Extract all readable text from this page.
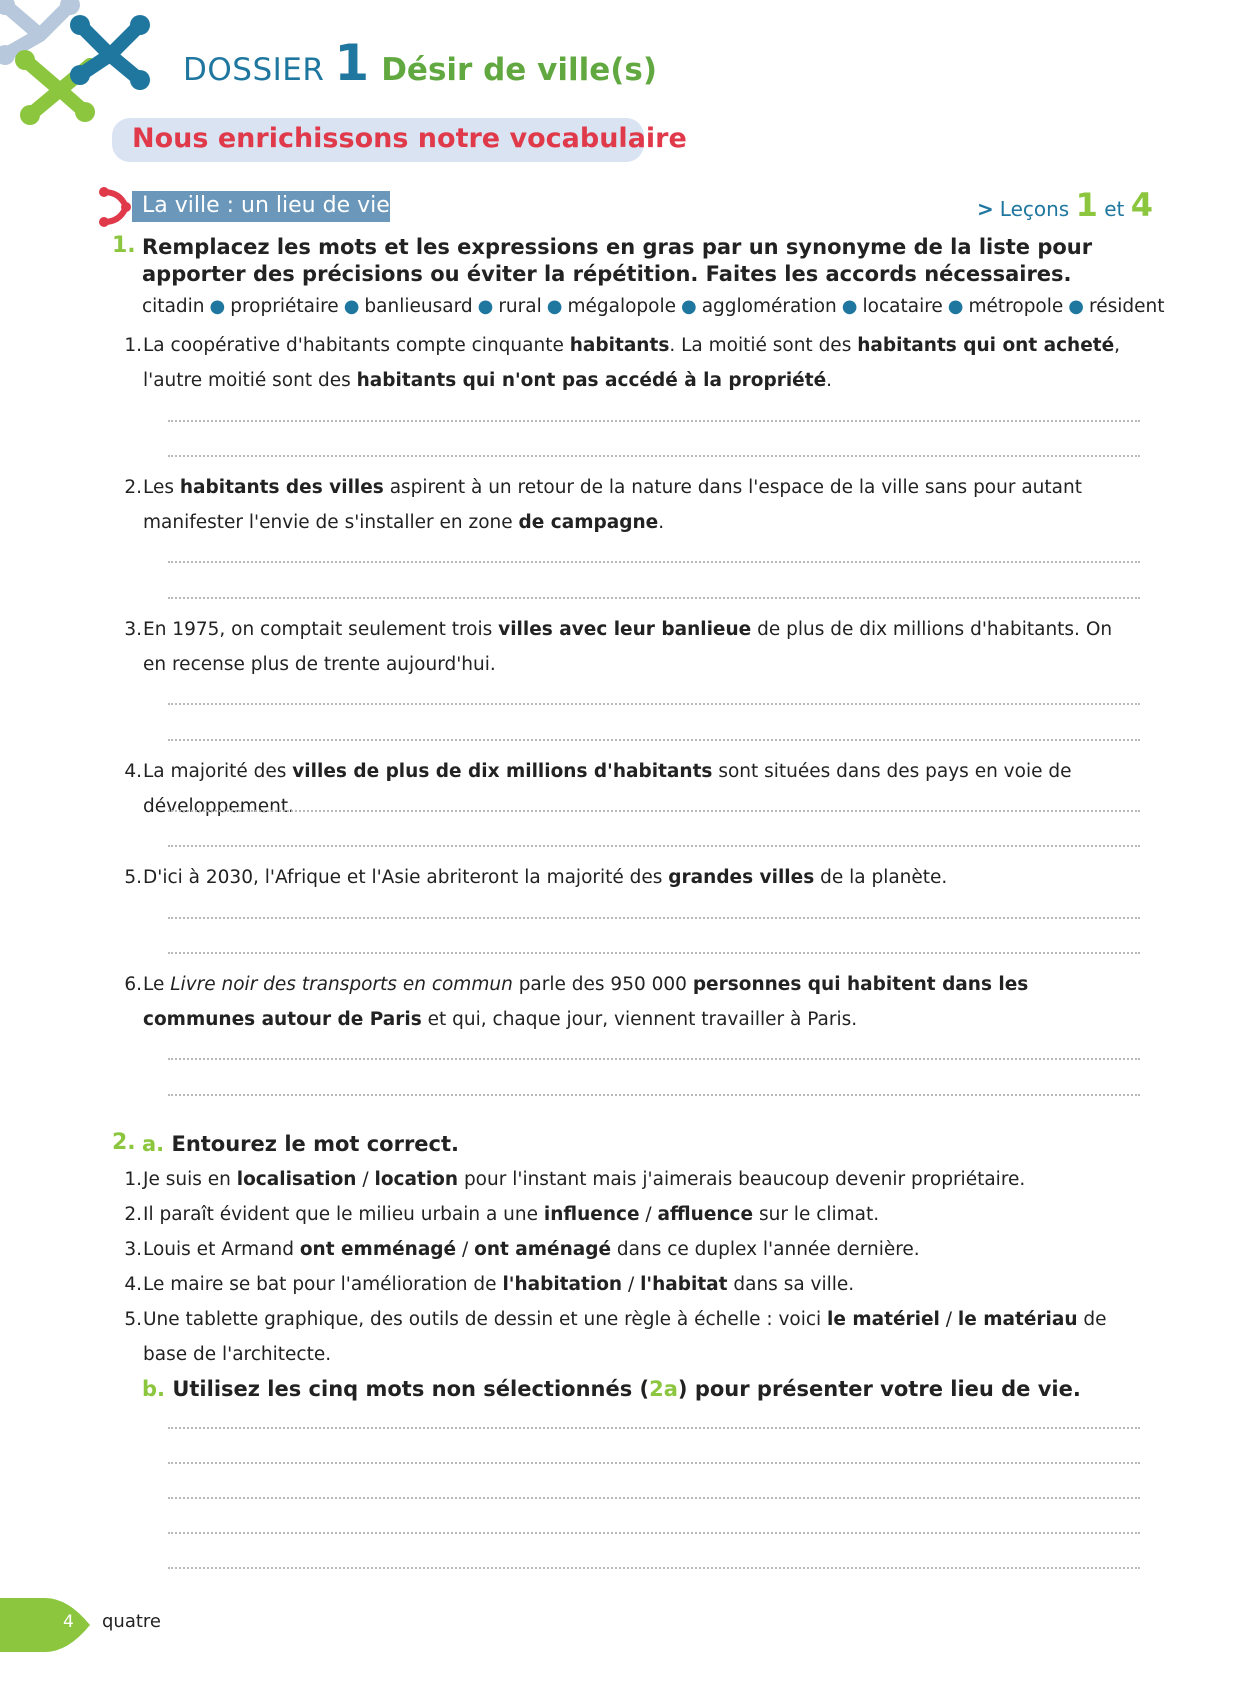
DOSSIER 1 Désir de ville(s)
Nous enrichissons notre vocabulaire
La ville : un lieu de vie	> Leçons 1 et 4
1. Remplacez les mots et les expressions en gras par un synonyme de la liste pour apporter des précisions ou éviter la répétition. Faites les accords nécessaires.
citadin ● propriétaire ● banlieusard ● rural ● mégalopole ● agglomération ● locataire ● métropole ● résident
1. La coopérative d'habitants compte cinquante habitants. La moitié sont des habitants qui ont acheté, l'autre moitié sont des habitants qui n'ont pas accédé à la propriété.
2. Les habitants des villes aspirent à un retour de la nature dans l'espace de la ville sans pour autant manifester l'envie de s'installer en zone de campagne.
3. En 1975, on comptait seulement trois villes avec leur banlieue de plus de dix millions d'habitants. On en recense plus de trente aujourd'hui.
4. La majorité des villes de plus de dix millions d'habitants sont situées dans des pays en voie de développement.
5. D'ici à 2030, l'Afrique et l'Asie abriteront la majorité des grandes villes de la planète.
6. Le Livre noir des transports en commun parle des 950 000 personnes qui habitent dans les communes autour de Paris et qui, chaque jour, viennent travailler à Paris.
2. a. Entourez le mot correct.
1. Je suis en localisation / location pour l'instant mais j'aimerais beaucoup devenir propriétaire.
2. Il paraît évident que le milieu urbain a une influence / affluence sur le climat.
3. Louis et Armand ont emménagé / ont aménagé dans ce duplex l'année dernière.
4. Le maire se bat pour l'amélioration de l'habitation / l'habitat dans sa ville.
5. Une tablette graphique, des outils de dessin et une règle à échelle : voici le matériel / le matériau de base de l'architecte.
b. Utilisez les cinq mots non sélectionnés (2a) pour présenter votre lieu de vie.
4 quatre
